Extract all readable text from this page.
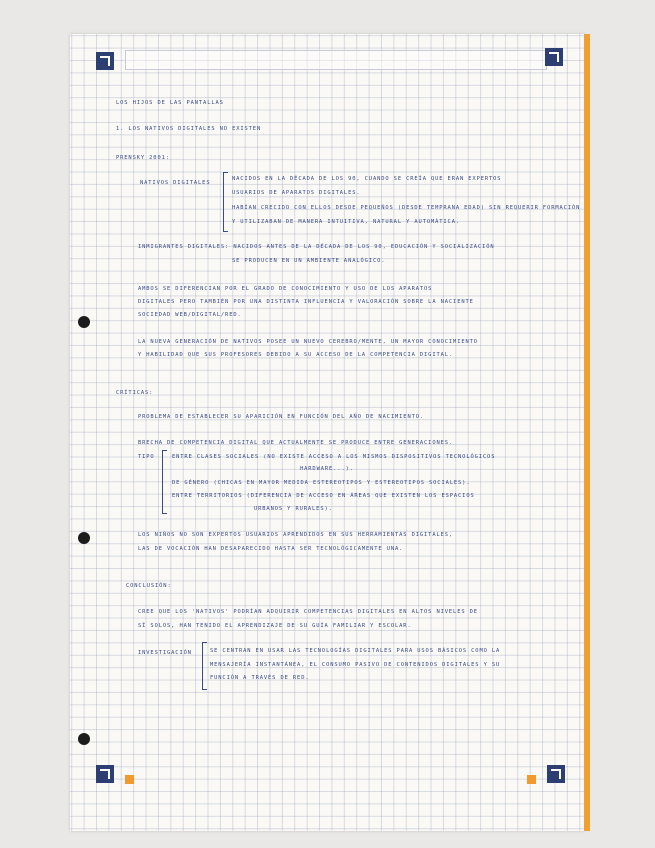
LOS HIJOS DE LAS PANTALLAS

1. LOS NATIVOS DIGITALES NO EXISTEN

PRENSKY 2001:

NATIVOS DIGITALES

NACIDOS EN LA DÉCADA DE LOS 90, CUANDO SE CREÍA QUE ERAN EXPERTOS

USUARIOS DE APARATOS DIGITALES.

HABÍAN CRECIDO CON ELLOS DESDE PEQUEÑOS (DESDE TEMPRANA EDAD) SIN REQUERIR FORMACIÓN

Y UTILIZABAN DE MANERA INTUITIVA, NATURAL Y AUTOMÁTICA.

INMIGRANTES DIGITALES: NACIDOS ANTES DE LA DÉCADA DE LOS 90, EDUCACIÓN Y SOCIALIZACIÓN

SE PRODUCEN EN UN AMBIENTE ANALÓGICO.

AMBOS SE DIFERENCIAN POR EL GRADO DE CONOCIMIENTO Y USO DE LOS APARATOS

DIGITALES PERO TAMBIÉN POR UNA DISTINTA INFLUENCIA Y VALORACIÓN SOBRE LA NACIENTE

SOCIEDAD WEB/DIGITAL/RED.

LA NUEVA GENERACIÓN DE NATIVOS POSEE UN NUEVO CEREBRO/MENTE, UN MAYOR CONOCIMIENTO

Y HABILIDAD QUE SUS PROFESORES DEBIDO A SU ACCESO DE LA COMPETENCIA DIGITAL.

CRÍTICAS:

PROBLEMA DE ESTABLECER SU APARICIÓN EN FUNCIÓN DEL AÑO DE NACIMIENTO.

BRECHA DE COMPETENCIA DIGITAL QUE ACTUALMENTE SE PRODUCE ENTRE GENERACIONES.

TIPO	ENTRE CLASES SOCIALES (NO EXISTE ACCESO A LOS MISMOS DISPOSITIVOS TECNOLÓGICOS

HARDWARE...).

DE GÉNERO (CHICAS EN MAYOR MEDIDA ESTEREOTIPOS Y ESTEREOTIPOS SOCIALES).

ENTRE TERRITORIOS (DIFERENCIA DE ACCESO EN ÁREAS QUE EXISTEN LOS ESPACIOS

URBANOS Y RURALES).

LOS NIÑOS NO SON EXPERTOS USUARIOS APRENDIDOS EN SUS HERRAMIENTAS DIGITALES,

LAS DE VOCACIÓN HAN DESAPARECIDO HASTA SER TECNOLÓGICAMENTE UNA.

CONCLUSIÓN:

CREE QUE LOS 'NATIVOS' PODRÍAN ADQUIRIR COMPETENCIAS DIGITALES EN ALTOS NIVELES DE

SÍ SOLOS, HAN TENIDO EL APRENDIZAJE DE SU GUÍA FAMILIAR Y ESCOLAR.

INVESTIGACIÓN	SE CENTRAN EN USAR LAS TECNOLOGÍAS DIGITALES PARA USOS BÁSICOS COMO LA

MENSAJERÍA INSTANTÁNEA, EL CONSUMO PASIVO DE CONTENIDOS DIGITALES Y SU

FUNCIÓN A TRAVÉS DE RED.
